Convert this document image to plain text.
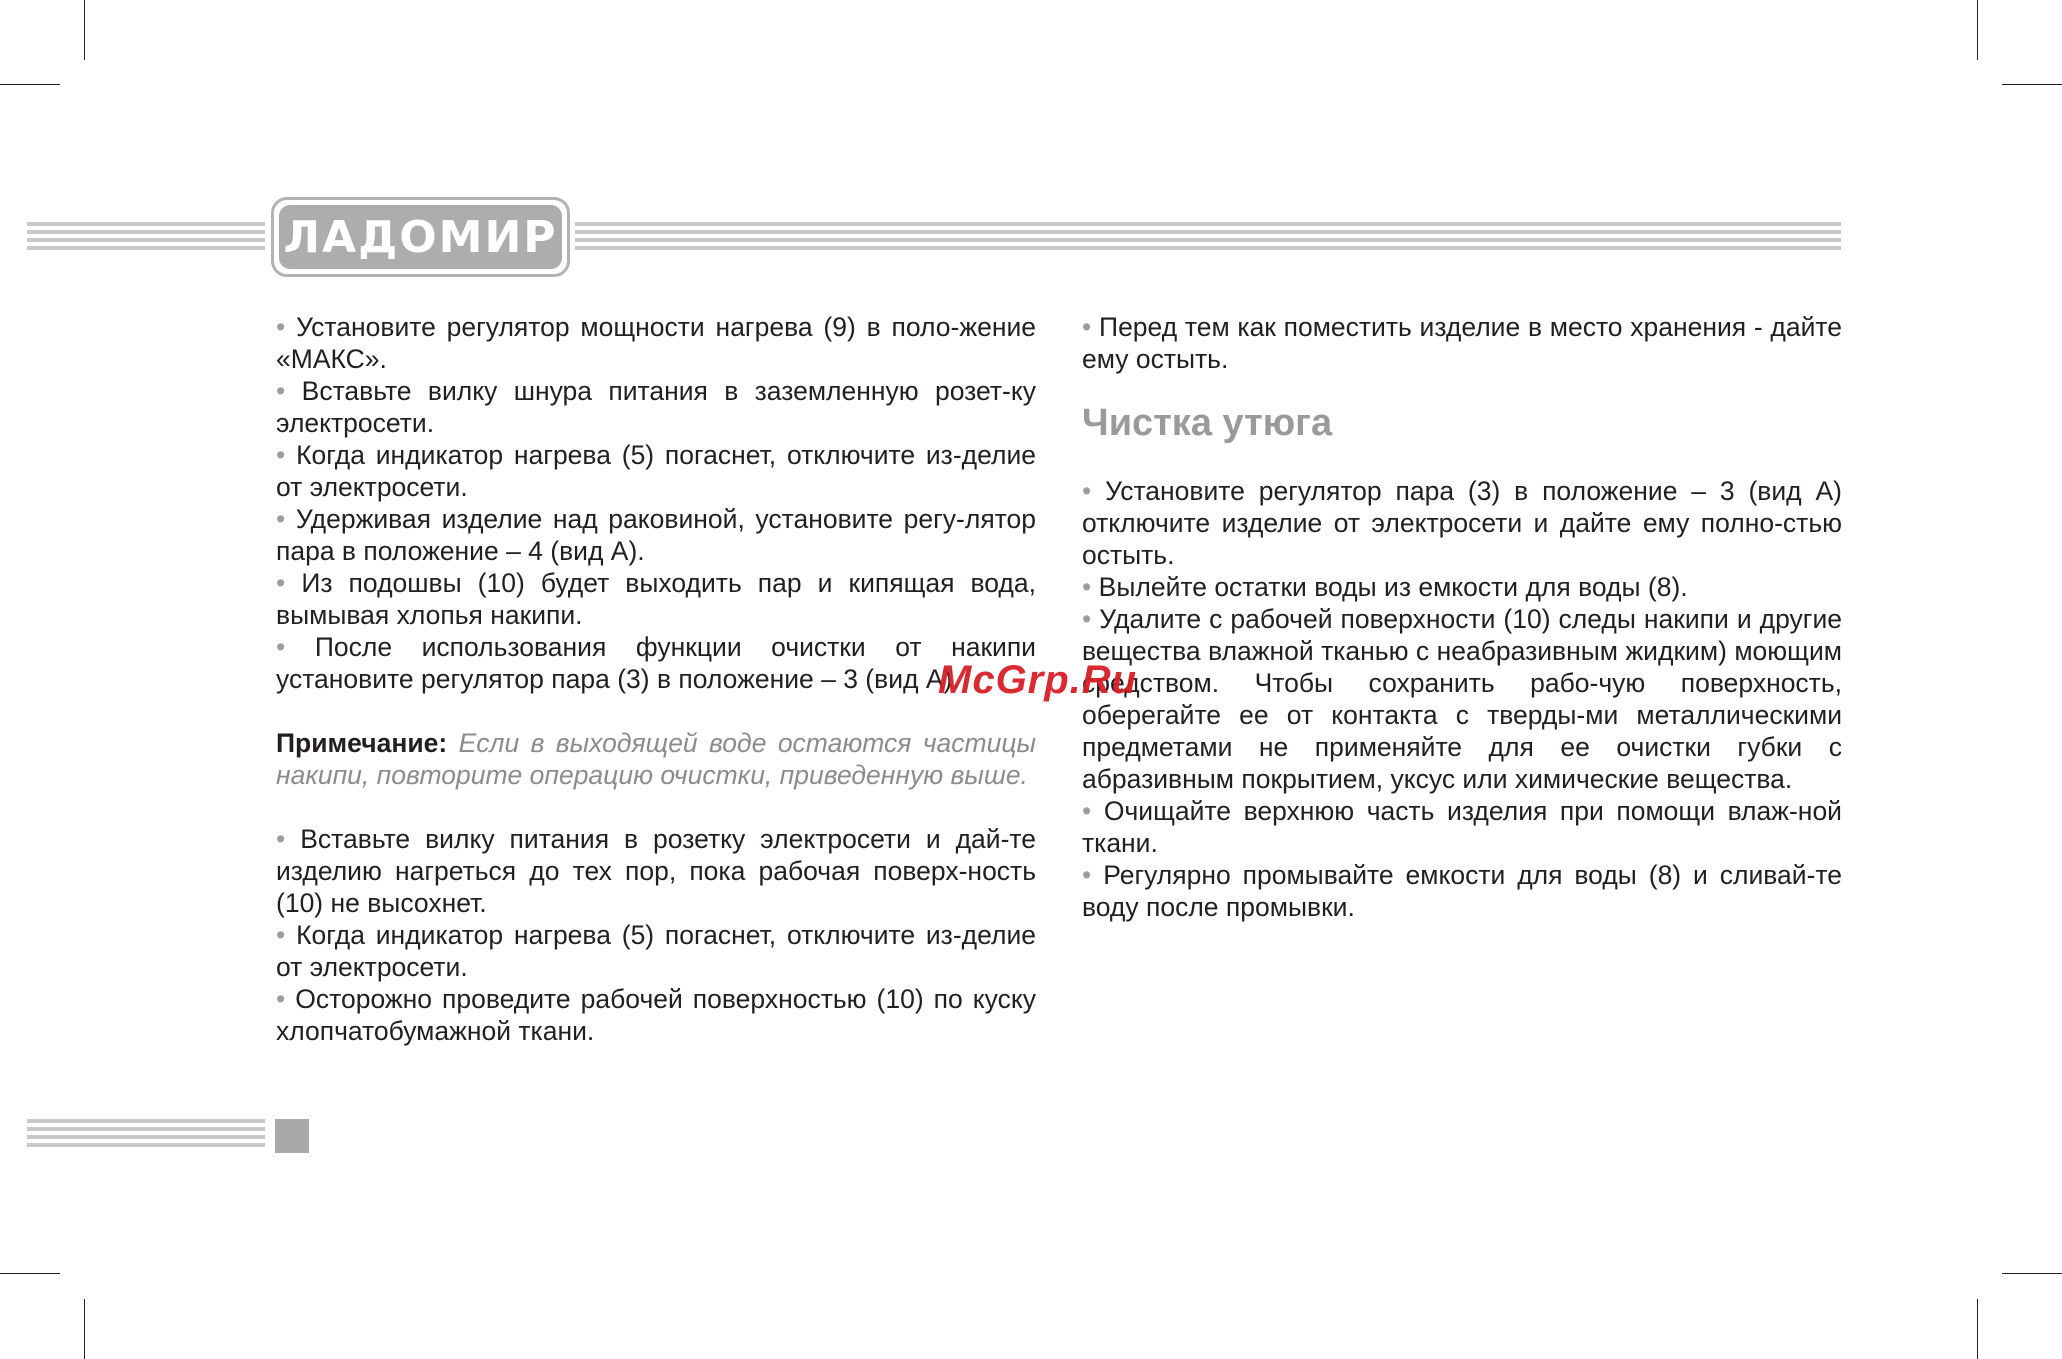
ЛАДОМИР

• Установите регулятор мощности нагрева (9) в поло-жение «МАКС».

• Вставьте вилку шнура питания в заземленную розет-ку электросети.

• Когда индикатор нагрева (5) погаснет, отключите из-делие от электросети.

• Удерживая изделие над раковиной, установите регу-лятор пара в положение – 4 (вид А).

• Из подошвы (10) будет выходить пар и кипящая вода, вымывая хлопья накипи.

• После использования функции очистки от накипи установите регулятор пара (3) в положение – 3 (вид А).

Примечание: Если в выходящей воде остаются частицы накипи, повторите операцию очистки, приведенную выше.

• Вставьте вилку питания в розетку электросети и дай-те изделию нагреться до тех пор, пока рабочая поверх-ность (10) не высохнет.

• Когда индикатор нагрева (5) погаснет, отключите из-делие от электросети.

• Осторожно проведите рабочей поверхностью (10) по куску хлопчатобумажной ткани.

• Перед тем как поместить изделие в место хранения - дайте ему остыть.

Чистка утюга

• Установите регулятор пара (3) в положение – 3 (вид А) отключите изделие от электросети и дайте ему полно-стью остыть.

• Вылейте остатки воды из емкости для воды (8).

• Удалите с рабочей поверхности (10) следы накипи и другие вещества влажной тканью с неабразивным жидким) моющим средством. Чтобы сохранить рабо-чую поверхность, оберегайте ее от контакта с тверды-ми металлическими предметами не применяйте для ее очистки губки с абразивным покрытием, уксус или химические вещества.

• Очищайте верхнюю часть изделия при помощи влаж-ной ткани.

• Регулярно промывайте емкости для воды (8) и сливай-те воду после промывки.

McGrp.Ru
